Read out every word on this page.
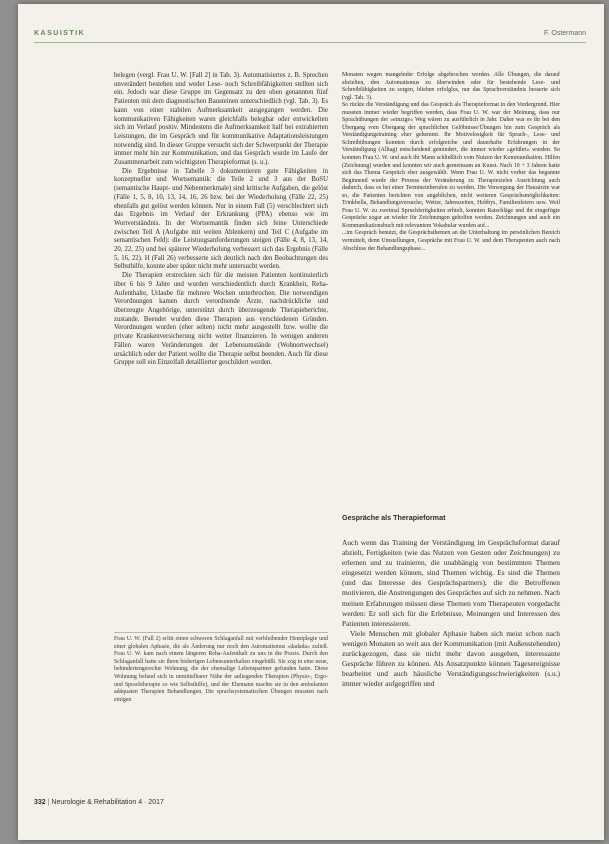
KASUISTIK	F. Ostermann

belegen (vergl. Frau U. W. [Fall 2] in Tab. 3). Automatisiertes z. B. Sprechen unverändert bestehen und weder Lese- noch Schreibfähigkeiten stellten sich ein. Jedoch war diese Gruppe im Gegensatz zu den oben genannten fünf Patienten mit dem diagnostischen Bausteinen unterschiedlich (vgl. Tab. 3). Es kann von einer stabilen Aufmerksamkeit ausgegangen werden. Die kommunikativen Fähigkeiten waren gleichfalls belegbar oder entwickelten sich im Verlauf positiv. Mindestens die Aufmerksamkeit half bei extrahierten Leistungen, die im Gespräch und für kommunikative Adaptationsleistungen notwendig sind. In dieser Gruppe versucht sich der Schwerpunkt der Therapie immer mehr hin zur Kommunikation, und das Gespräch wurde im Laufe der Zusammenarbeit zum wichtigsten Therapieformat (s. u.).

Die Ergebnisse in Tabelle 3 dokumentieren gute Fähigkeiten in konzeptueller und Wortsemantik: die Teile 2 und 3 aus der BoSU (semantische Haupt- und Nebenmerkmale) sind kritische Aufgaben, die gelöst (Fälle 1, 5, 8, 10, 13, 14, 16, 26 bzw. bei der Wiederholung (Fälle 22, 25) ebenfalls gut gelöst werden können. Nur in einem Fall (5) verschlechtert sich das Ergebnis im Verlauf der Erkrankung (PPA) ebenso wie im Wortverständnis. In der Wortsemantik finden sich feine Unterschiede zwischen Teil A (Aufgabe mit weiten Ablenkern) und Teil C (Aufgabe im semantischen Feld): die Leistungsanforderungen steigen (Fälle 4, 8, 13, 14, 20, 22, 25) und bei späterer Wiederholung verbessert sich das Ergebnis (Fälle 5, 16, 22). H (Fall 26) verbesserte sich deutlich nach den Beobachtungen des Selbsthilfe, konnte aber später nicht mehr untersucht werden.

Die Therapien erstreckten sich für die meisten Patienten kontinuierlich über 6 bis 9 Jahre und wurden verschiedentlich durch Krankheit, Reha-Aufenthalte, Urlaube für mehrere Wochen unterbrochen. Die notwendigen Verordnungen kamen durch verordnende Ärzte, nachdrückliche und überzeugte Angehörige, unterstützt durch überzeugende Therapieberichte, zustande. Beendet wurden diese Therapien aus verschiedenen Gründen. Verordnungen wurden (eher selten) nicht mehr ausgestellt bzw. wollte die private Krankenversicherung nicht weiter finanzieren. In wenigen anderen Fällen waren Veränderungen der Lebensumstände (Wohnortwechsel) ursächlich oder der Patient wollte die Therapie selbst beenden. Auch für diese Gruppe soll ein Einzelfall detaillierter geschildert werden.

Frau U. W. (Fall 2) erlitt einen schweren Schlaganfall mit verbleibender Hemiplegie und einer globalen Aphasie, die als Änderung nur noch den Automatismus »dadada« zuließ. Frau U. W. kam nach einem längeren Reha-Aufenthalt zu uns in die Praxis. Durch den Schlaganfall hatte sie ihren bisherigen Lebensunterhalten eingebüßt. Sie zog in eine neue, behindertengerechte Wohnung, die der ehemalige Lebenspartner gefunden hatte. Diese Wohnung befand sich in unmittelbarer Nähe der anliegenden Therapien (Physio-, Ergo- und Sprachtherapie so wie Selbsthilfe), und der Ehemann machte sie in den ambulanten adäquaten Therapien Behandlungen. Die sprachsystematischen Übungen mussten nach einigen

Monaten wegen mangelnder Erfolge abgebrochen werden. Alle Übungen, die darauf abzielten, den Automatismus zu überwinden oder für bestehende Lese- und Schreibfähigkeiten zu sorgen, blieben erfolglos, nur das Sprachverständnis besserte sich (vgl. Tab. 3).

So rückte die Verständigung und das Gespräch als Therapieformat in den Vordergrund. Hier mussten immer wieder begriffen werden, dass Frau U. W. war der Meinung, dass nur Sprachübungen der »einzige« Weg wären zu ausführlich in Jahr. Daher war es ihr bei den Übergang vom Übergang der sprachlichen Gelöbnisse/Übungen hin zum Gespräch als Verständigungstraining eher gehemmt. Ihr Motivelosigkeit für Sprach-, Lese- und Schreibübungen konnten durch erfolgreiche und dauerhafte Erfahrungen in der Verständigung (Alltag) entscheidend gemindert, die immer wieder »geführt« wurden. So konnten Frau U. W. und auch ihr Mann schließlich vom Nutzen der Kommunikation. Hilfen (Zeichnung) wurden und konnten wir auch gemeinsam an Kunst. Nach 10 + 3 Jahren hatte sich das Thema Gespräch eher ausgewählt. Wenn Frau U. W. nicht vorher das begannte Beginnend wurde der Prozess der Veränderung zu Therapiezielen Ausrichtung auch dadurch, dass es bei einer Termineinberufen zu werden. Die Versorgung der Hausärzte war so, die Patienten berichten von angeblichen, nicht weiteren Gesprächsmöglichkeiten: Trinkbella, Behandlungsversuche, Wetter, Jahreszeiten, Hobbys, Familienfeiern usw. Weil Frau U. W. zu zweimal Spruchfertigkeiten erhielt, konnten Ratschläge und ihr eingefügte Gespräche sogar an wieder für Zeichnungen geholfen werden. Zeichnungen und auch ein Kommunikationsbuch mit relevantem Vokabular wurden auf...

...im Gespräch benutzt, die Gesprächsthemen an die Unterhaltung im persönlichen Bereich vermittelt, denn Umstellungen, Gespräche mit Frau U. W. und dem Therapeuten auch nach Abschluss der Behandlungsphase...

Gespräche als Therapieformat

Auch wenn das Training der Verständigung im Gesprächsformat darauf abzielt, Fertigkeiten (wie das Nutzen von Gesten oder Zeichnungen) zu erlernen und zu trainieren, die unabhängig von bestimmten Themen eingesetzt werden können, sind Themen wichtig. Es sind die Themen (und das Interesse des Gesprächspartners), die die Betroffenen motivieren, die Anstrengungen des Gespräches auf sich zu nehmen. Nach meinen Erfahrungen müssen diese Themen vom Therapeuten vorgedacht werden: Er soll sich für die Erlebnisse, Meinungen und Interessen des Patienten interessieren.

Viele Menschen mit globaler Aphasie haben sich meist schon nach wenigen Monaten so weit aus der Kommunikation (mit Außenstehenden) zurückgezogen, dass sie nicht mehr davon ausgehen, interessante Gespräche führen zu können. Als Ansatzpunkte können Tagesereignisse bearbeitet und auch häusliche Verständigungsschwierigkeiten (s.u.) immer wieder aufgegriffen und

332 | Neurologie & Rehabilitation 4 · 2017
